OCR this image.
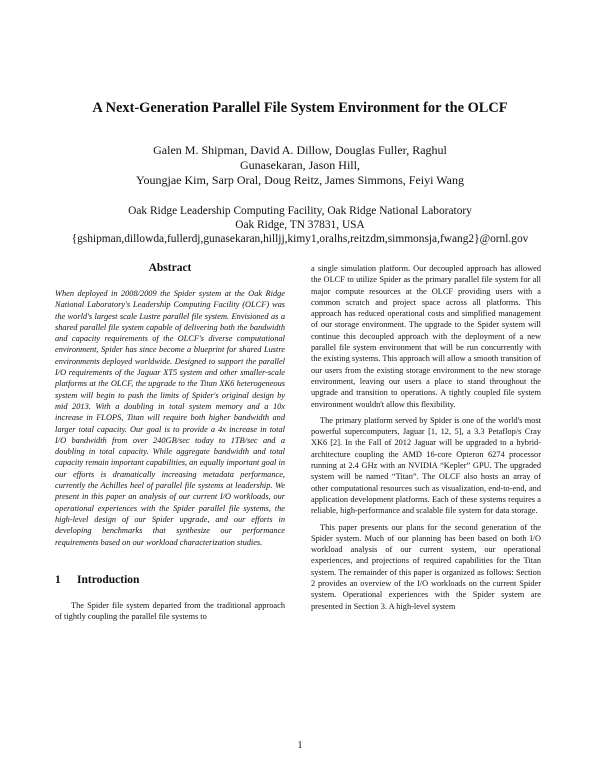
A Next-Generation Parallel File System Environment for the OLCF
Galen M. Shipman, David A. Dillow, Douglas Fuller, Raghul Gunasekaran, Jason Hill,
Youngjae Kim, Sarp Oral, Doug Reitz, James Simmons, Feiyi Wang
Oak Ridge Leadership Computing Facility, Oak Ridge National Laboratory
Oak Ridge, TN 37831, USA
{gshipman,dillowda,fullerdj,gunasekaran,hilljj,kimy1,oralhs,reitzdm,simmonsja,fwang2}@ornl.gov
Abstract

When deployed in 2008/2009 the Spider system at the Oak Ridge National Laboratory's Leadership Computing Facility (OLCF) was the world's largest scale Lustre parallel file system. Envisioned as a shared parallel file system capable of delivering both the bandwidth and capacity requirements of the OLCF's diverse computational environment, Spider has since become a blueprint for shared Lustre environments deployed worldwide. Designed to support the parallel I/O requirements of the Jaguar XT5 system and other smaller-scale platforms at the OLCF, the upgrade to the Titan XK6 heterogeneous system will begin to push the limits of Spider's original design by mid 2013. With a doubling in total system memory and a 10x increase in FLOPS, Titan will require both higher bandwidth and larger total capacity. Our goal is to provide a 4x increase in total I/O bandwidth from over 240GB/sec today to 1TB/sec and a doubling in total capacity. While aggregate bandwidth and total capacity remain important capabilities, an equally important goal in our efforts is dramatically increasing metadata performance, currently the Achilles heel of parallel file systems at leadership. We present in this paper an analysis of our current I/O workloads, our operational experiences with the Spider parallel file systems, the high-level design of our Spider upgrade, and our efforts in developing benchmarks that synthesize our performance requirements based on our workload characterization studies.

1 Introduction

The Spider file system departed from the traditional approach of tightly coupling the parallel file systems to

a single simulation platform. Our decoupled approach has allowed the OLCF to utilize Spider as the primary parallel file system for all major compute resources at the OLCF providing users with a common scratch and project space across all platforms. This approach has reduced operational costs and simplified management of our storage environment. The upgrade to the Spider system will continue this decoupled approach with the deployment of a new parallel file system environment that will be run concurrently with the existing systems. This approach will allow a smooth transition of our users from the existing storage environment to the new storage environment, leaving our users a place to stand throughout the upgrade and transition to operations. A tightly coupled file system environment wouldn't allow this flexibility.

The primary platform served by Spider is one of the world's most powerful supercomputers, Jaguar [1, 12, 5], a 3.3 Petaflop/s Cray XK6 [2]. In the Fall of 2012 Jaguar will be upgraded to a hybrid-architecture coupling the AMD 16-core Opteron 6274 processor running at 2.4 GHz with an NVIDIA “Kepler” GPU. The upgraded system will be named “Titan”. The OLCF also hosts an array of other computational resources such as visualization, end-to-end, and application development platforms. Each of these systems requires a reliable, high-performance and scalable file system for data storage.

This paper presents our plans for the second generation of the Spider system. Much of our planning has been based on both I/O workload analysis of our current system, our operational experiences, and projections of required capabilities for the Titan system. The remainder of this paper is organized as follows: Section 2 provides an overview of the I/O workloads on the current Spider system. Operational experiences with the Spider system are presented in Section 3. A high-level system

1
